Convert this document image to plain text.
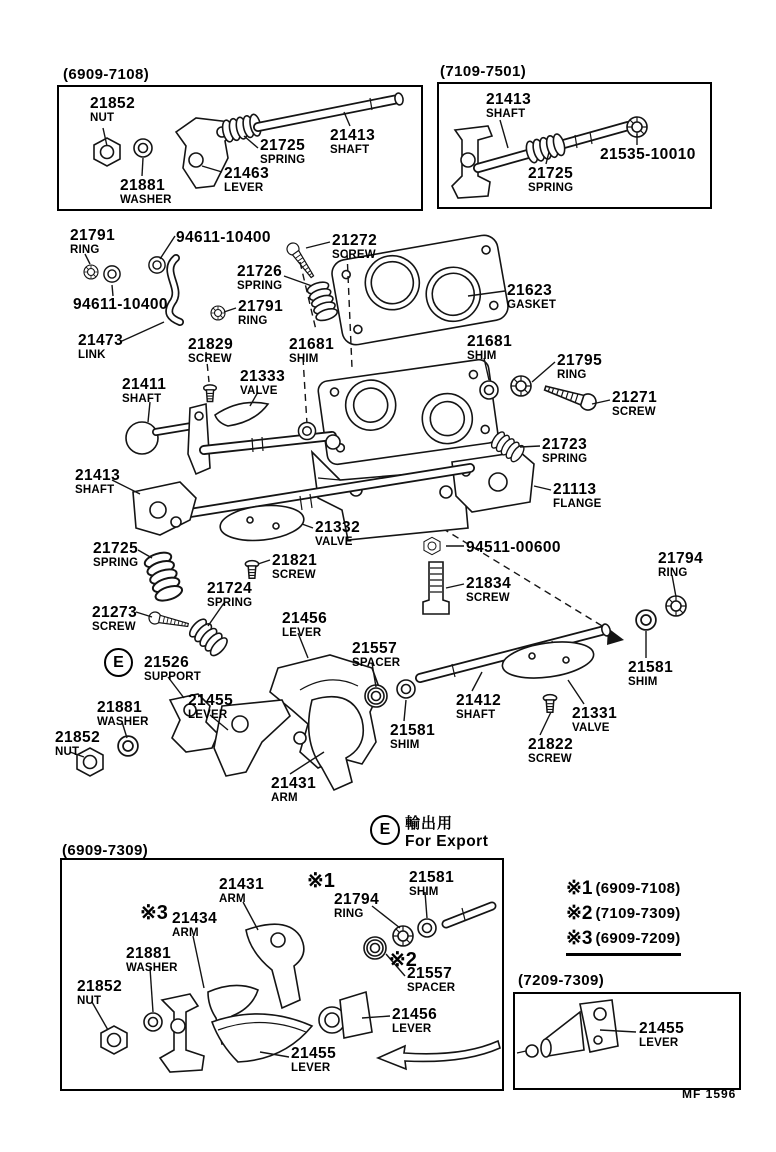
(6909-7108)	(7109-7501)
(6909-7309)
(7209-7309)
E
E 輸出用
For Export
※1 (6909-7108)
※2 (7109-7309)
※3 (6909-7209)
MF 1596
21852
NUT
21881
WASHER
21463
LEVER
21725
SPRING
21413
SHAFT
21413
SHAFT
21725
SPRING
21535-10010
21791
RING
94611-10400	21272
SCREW
21726
SPRING	21623
GASKET
94611-10400	21791
RING
21473
LINK
21829
SCREW
21681
SHIM
21681
SHIM	21795
RING
21411
SHAFT
21333
VALVE	21271
SCREW
21723
SPRING
21413
SHAFT	21113
FLANGE
21332
VALVE
21725
SPRING
94511-00600
21821
SCREW
21834
SCREW
21794
RING
21273
SCREW
21724
SPRING
21456
LEVER
21557
SPACER
21526
SUPPORT
21581
SHIM
21881
WASHER
21455
LEVER
21852
NUT
21412
SHAFT
21581
SHIM
21331
VALVE
21822
SCREW
21431
ARM
21431
ARM
※1	21581
SHIM
※3 21434
ARM
21794
RING
21881
WASHER	※2
21557
SPACER
21852
NUT
21456
LEVER
21455
LEVER
21455
LEVER
